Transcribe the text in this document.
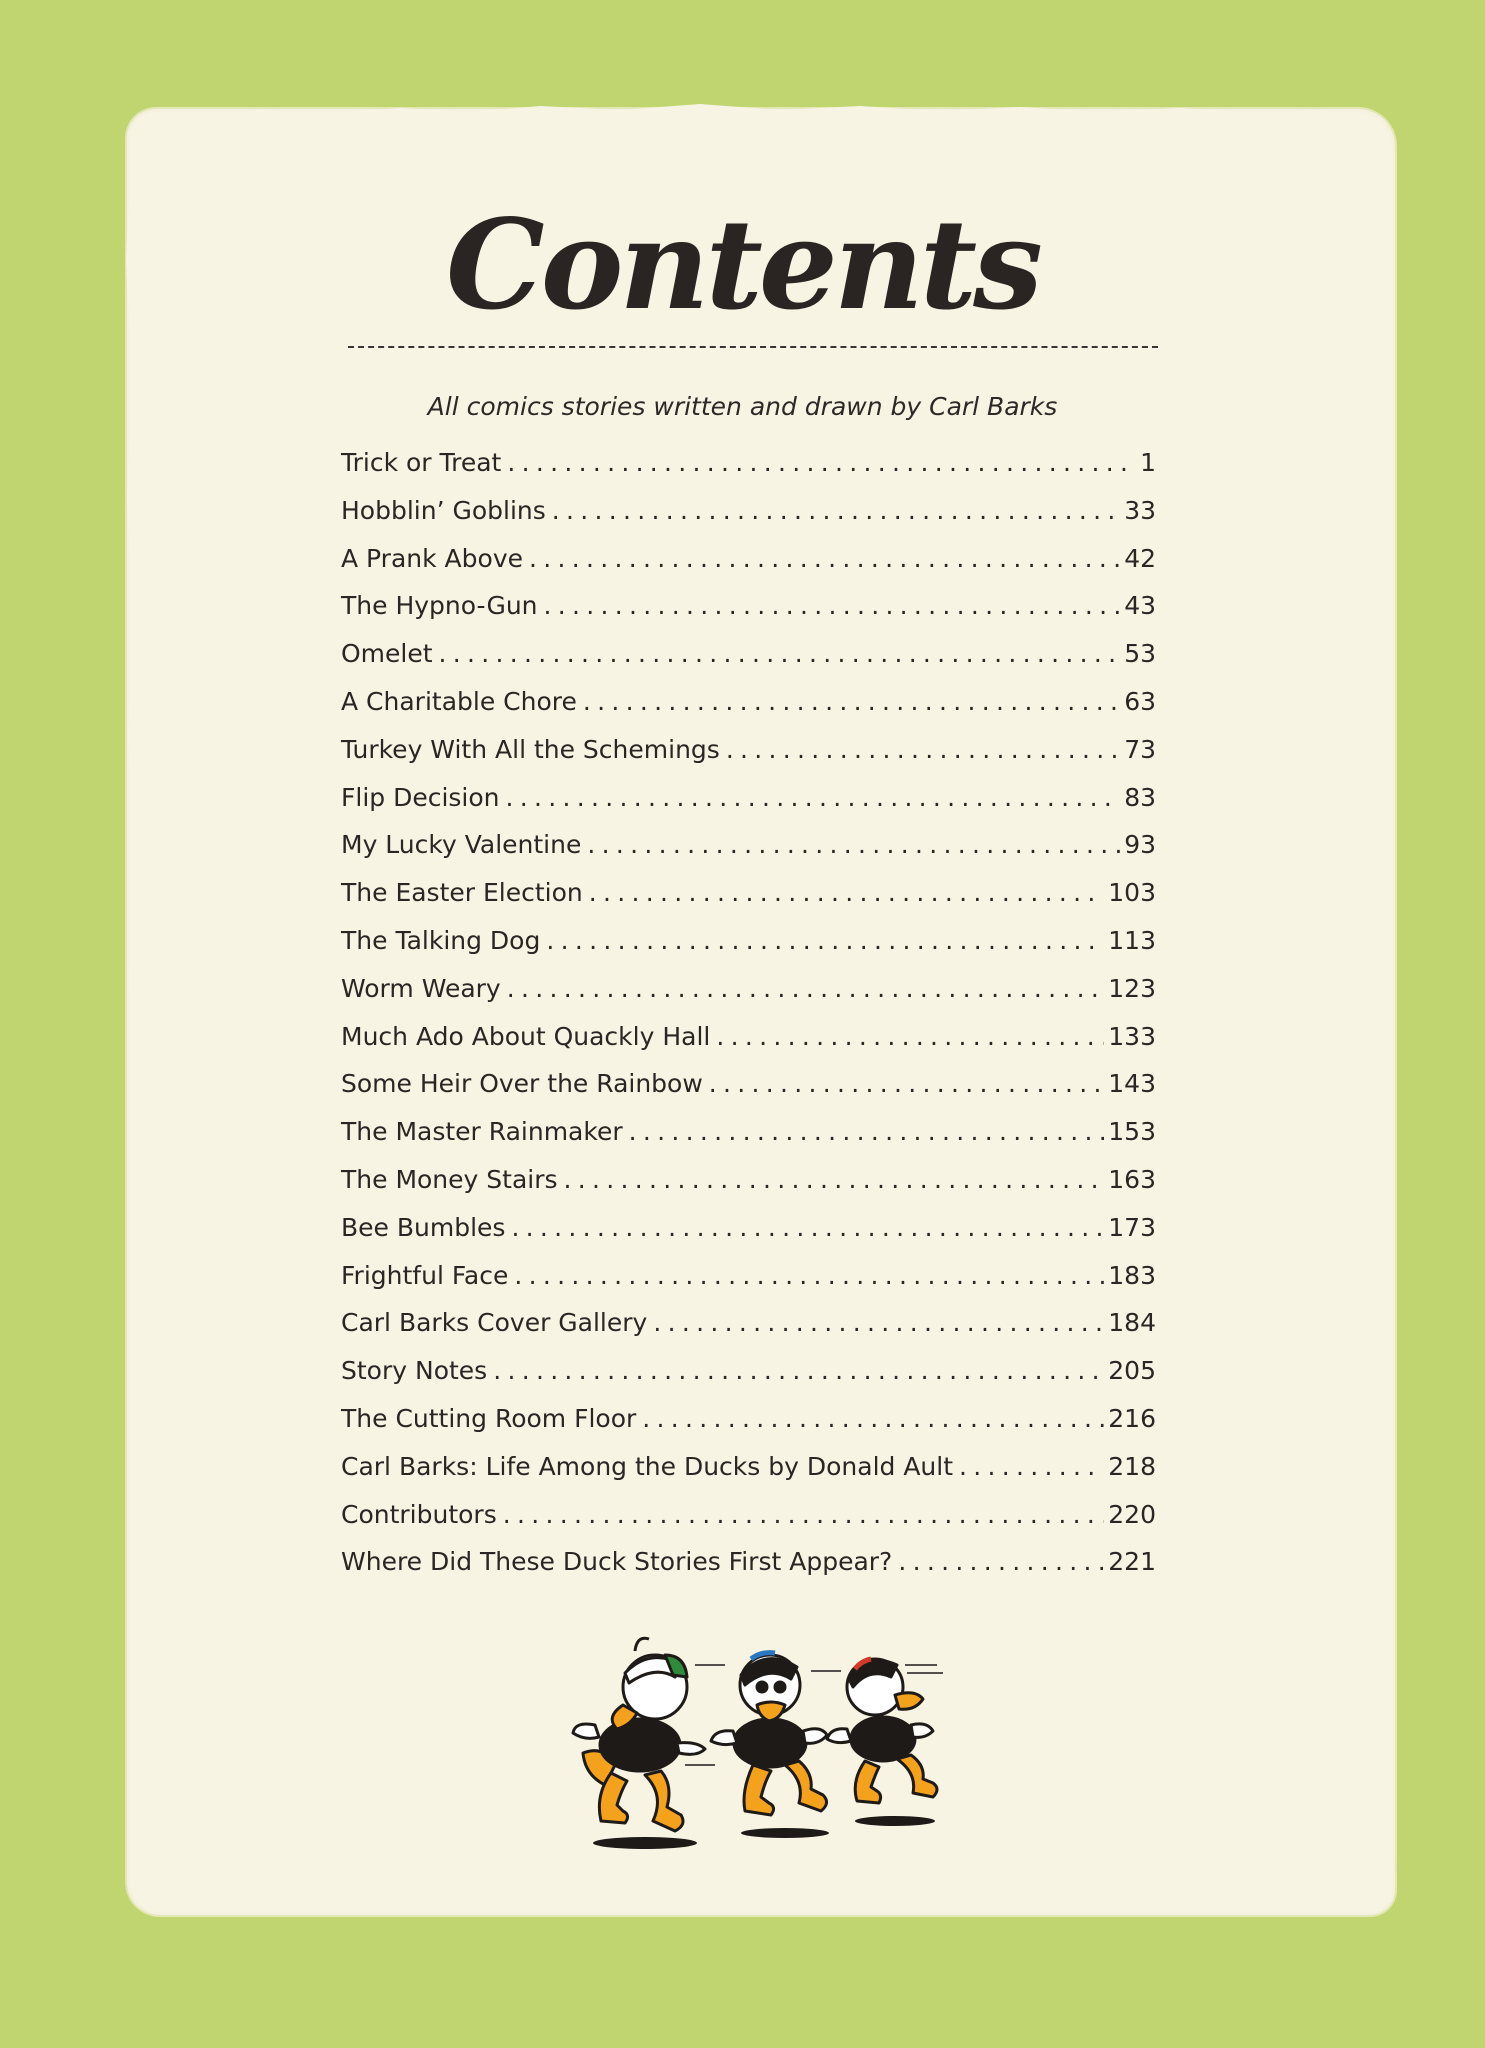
Contents

All comics stories written and drawn by Carl Barks

Trick or Treat .....	1
Hobblin’ Goblins .....	33
A Prank Above .....	42
The Hypno-Gun .....	43
Omelet .....	53
A Charitable Chore .....	63
Turkey With All the Schemings .....	73
Flip Decision .....	83
My Lucky Valentine .....	93
The Easter Election .....	103
The Talking Dog .....	113
Worm Weary .....	123
Much Ado About Quackly Hall .....	133
Some Heir Over the Rainbow .....	143
The Master Rainmaker .....	153
The Money Stairs .....	163
Bee Bumbles .....	173
Frightful Face .....	183
Carl Barks Cover Gallery .....	184
Story Notes .....	205
The Cutting Room Floor .....	216
Carl Barks: Life Among the Ducks by Donald Ault .....	218
Contributors .....	220
Where Did These Duck Stories First Appear? .....	221
